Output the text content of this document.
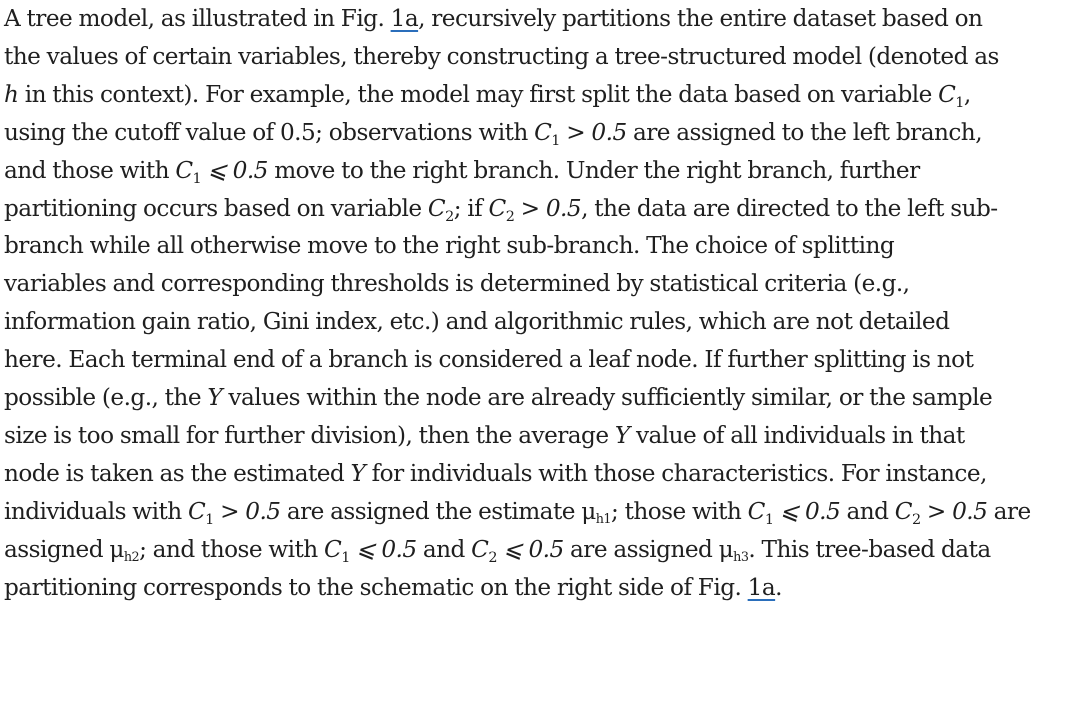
A tree model, as illustrated in Fig. 1a, recursively partitions the entire dataset based on
the values of certain variables, thereby constructing a tree-structured model (denoted as
h in this context). For example, the model may first split the data based on variable $C_1$,
using the cutoff value of 0.5; observations with $C_1 > 0.5$ are assigned to the left branch,
and those with $C_1$ ⩽ 0.5 move to the right branch. Under the right branch, further
partitioning occurs based on variable $C_2$; if $C_2 > 0.5$, the data are directed to the left sub-
branch while all otherwise move to the right sub-branch. The choice of splitting
variables and corresponding thresholds is determined by statistical criteria (e.g.,
information gain ratio, Gini index, etc.) and algorithmic rules, which are not detailed
here. Each terminal end of a branch is considered a leaf node. If further splitting is not
possible (e.g., the Y values within the node are already sufficiently similar, or the sample
size is too small for further division), then the average Y value of all individuals in that
node is taken as the estimated Y for individuals with those characteristics. For instance,
individuals with $C_1 > 0.5$ are assigned the estimate μh1; those with $C_1$ ⩽ 0.5 and $C_2 > 0.5$ are
assigned μh2; and those with $C_1$ ⩽ 0.5 and $C_2$ ⩽ 0.5 are assigned μh3. This tree-based data
partitioning corresponds to the schematic on the right side of Fig. 1a.
